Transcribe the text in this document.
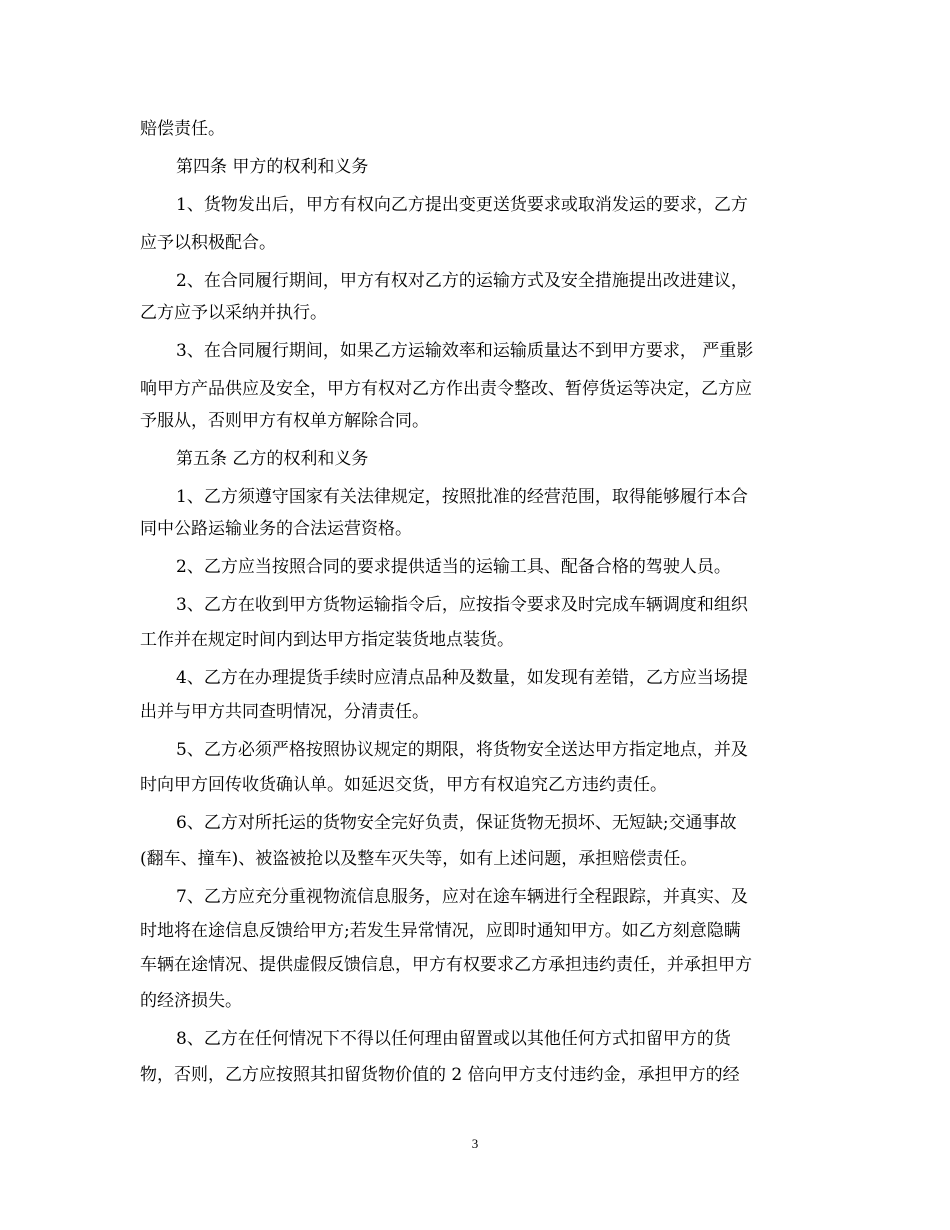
赔偿责任。
第四条 甲方的权利和义务
1、货物发出后，甲方有权向乙方提出变更送货要求或取消发运的要求，乙方
应予以积极配合。
2、在合同履行期间，甲方有权对乙方的运输方式及安全措施提出改进建议，
乙方应予以采纳并执行。
3、在合同履行期间，如果乙方运输效率和运输质量达不到甲方要求， 严重影
响甲方产品供应及安全，甲方有权对乙方作出责令整改、暂停货运等决定，乙方应
予服从，否则甲方有权单方解除合同。
第五条 乙方的权利和义务
1、乙方须遵守国家有关法律规定，按照批准的经营范围，取得能够履行本合
同中公路运输业务的合法运营资格。
2、乙方应当按照合同的要求提供适当的运输工具、配备合格的驾驶人员。
3、乙方在收到甲方货物运输指令后，应按指令要求及时完成车辆调度和组织
工作并在规定时间内到达甲方指定装货地点装货。
4、乙方在办理提货手续时应清点品种及数量，如发现有差错，乙方应当场提
出并与甲方共同查明情况，分清责任。
5、乙方必须严格按照协议规定的期限，将货物安全送达甲方指定地点，并及
时向甲方回传收货确认单。如延迟交货，甲方有权追究乙方违约责任。
6、乙方对所托运的货物安全完好负责，保证货物无损坏、无短缺;交通事故
(翻车、撞车)、被盗被抢以及整车灭失等，如有上述问题，承担赔偿责任。
7、乙方应充分重视物流信息服务，应对在途车辆进行全程跟踪，并真实、及
时地将在途信息反馈给甲方;若发生异常情况，应即时通知甲方。如乙方刻意隐瞒
车辆在途情况、提供虚假反馈信息，甲方有权要求乙方承担违约责任，并承担甲方
的经济损失。
8、乙方在任何情况下不得以任何理由留置或以其他任何方式扣留甲方的货
物，否则，乙方应按照其扣留货物价值的 2 倍向甲方支付违约金，承担甲方的经
3
